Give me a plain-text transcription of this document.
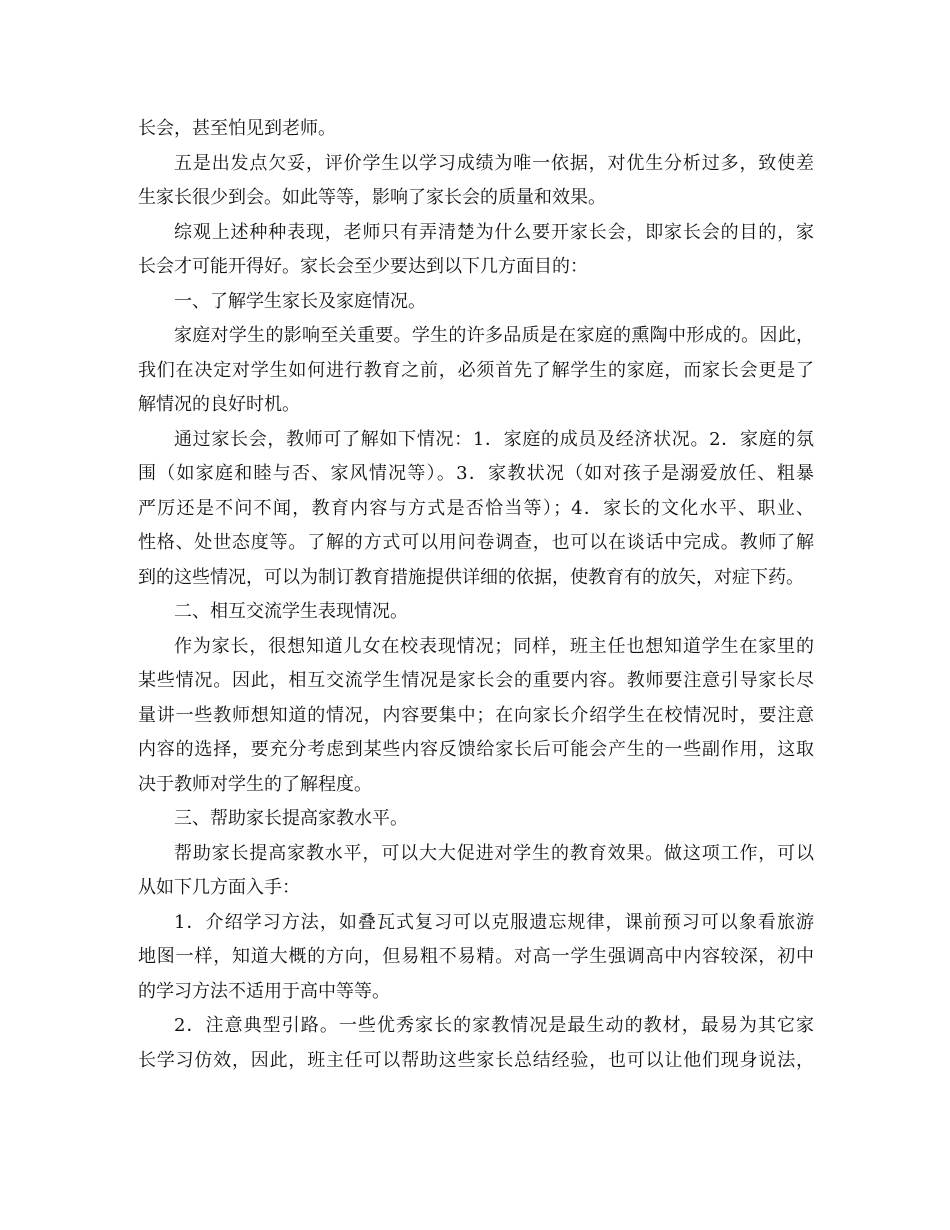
长会，甚至怕见到老师。
五是出发点欠妥，评价学生以学习成绩为唯一依据，对优生分析过多，致使差
生家长很少到会。如此等等，影响了家长会的质量和效果。
综观上述种种表现，老师只有弄清楚为什么要开家长会，即家长会的目的，家
长会才可能开得好。家长会至少要达到以下几方面目的：
一、了解学生家长及家庭情况。
家庭对学生的影响至关重要。学生的许多品质是在家庭的熏陶中形成的。因此，
我们在决定对学生如何进行教育之前，必须首先了解学生的家庭，而家长会更是了
解情况的良好时机。
通过家长会，教师可了解如下情况：1．家庭的成员及经济状况。2．家庭的氛
围（如家庭和睦与否、家风情况等）。3．家教状况（如对孩子是溺爱放任、粗暴
严厉还是不问不闻，教育内容与方式是否恰当等）；4．家长的文化水平、职业、
性格、处世态度等。了解的方式可以用问卷调查，也可以在谈话中完成。教师了解
到的这些情况，可以为制订教育措施提供详细的依据，使教育有的放矢，对症下药。
二、相互交流学生表现情况。
作为家长，很想知道儿女在校表现情况；同样，班主任也想知道学生在家里的
某些情况。因此，相互交流学生情况是家长会的重要内容。教师要注意引导家长尽
量讲一些教师想知道的情况，内容要集中；在向家长介绍学生在校情况时，要注意
内容的选择，要充分考虑到某些内容反馈给家长后可能会产生的一些副作用，这取
决于教师对学生的了解程度。
三、帮助家长提高家教水平。
帮助家长提高家教水平，可以大大促进对学生的教育效果。做这项工作，可以
从如下几方面入手：
1．介绍学习方法，如叠瓦式复习可以克服遗忘规律，课前预习可以象看旅游
地图一样，知道大概的方向，但易粗不易精。对高一学生强调高中内容较深，初中
的学习方法不适用于高中等等。
2．注意典型引路。一些优秀家长的家教情况是最生动的教材，最易为其它家
长学习仿效，因此，班主任可以帮助这些家长总结经验，也可以让他们现身说法，
